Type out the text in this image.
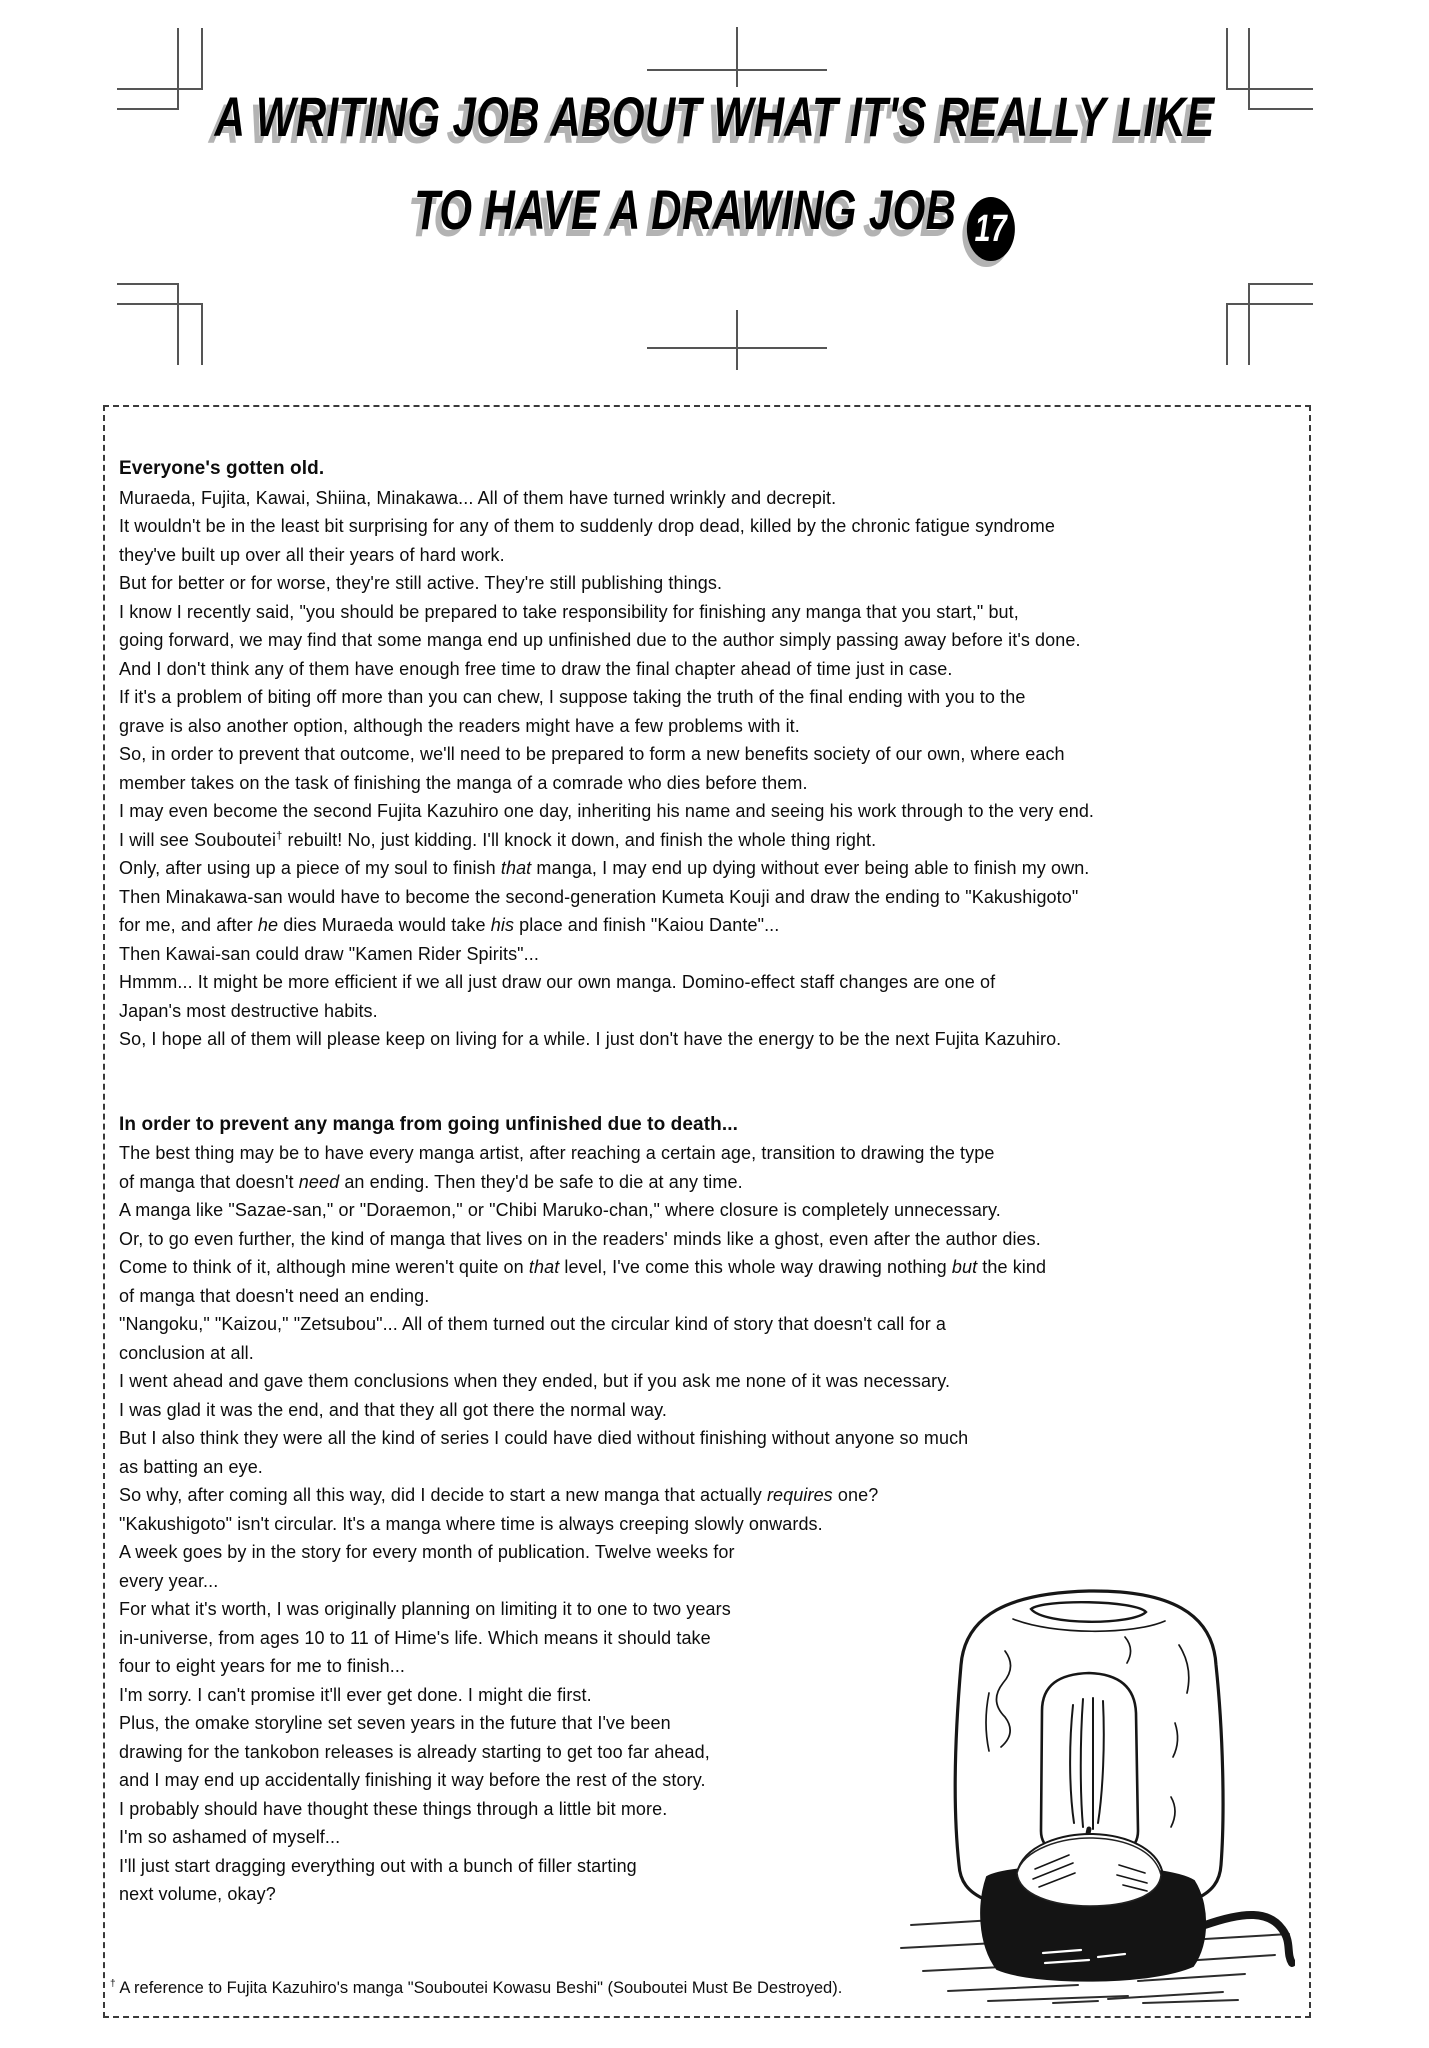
A WRITING JOB ABOUT WHAT IT'S REALLY LIKE
TO HAVE A DRAWING JOB 17
Everyone's gotten old.
Muraeda, Fujita, Kawai, Shiina, Minakawa... All of them have turned wrinkly and decrepit.
It wouldn't be in the least bit surprising for any of them to suddenly drop dead, killed by the chronic fatigue syndrome
they've built up over all their years of hard work.
But for better or for worse, they're still active. They're still publishing things.
I know I recently said, "you should be prepared to take responsibility for finishing any manga that you start," but,
going forward, we may find that some manga end up unfinished due to the author simply passing away before it's done.
And I don't think any of them have enough free time to draw the final chapter ahead of time just in case.
If it's a problem of biting off more than you can chew, I suppose taking the truth of the final ending with you to the
grave is also another option, although the readers might have a few problems with it.
So, in order to prevent that outcome, we'll need to be prepared to form a new benefits society of our own, where each
member takes on the task of finishing the manga of a comrade who dies before them.
I may even become the second Fujita Kazuhiro one day, inheriting his name and seeing his work through to the very end.
I will see Souboutei† rebuilt! No, just kidding. I'll knock it down, and finish the whole thing right.
Only, after using up a piece of my soul to finish that manga, I may end up dying without ever being able to finish my own.
Then Minakawa-san would have to become the second-generation Kumeta Kouji and draw the ending to "Kakushigoto"
for me, and after he dies Muraeda would take his place and finish "Kaiou Dante"...
Then Kawai-san could draw "Kamen Rider Spirits"...
Hmmm... It might be more efficient if we all just draw our own manga. Domino-effect staff changes are one of
Japan's most destructive habits.
So, I hope all of them will please keep on living for a while. I just don't have the energy to be the next Fujita Kazuhiro.
In order to prevent any manga from going unfinished due to death...
The best thing may be to have every manga artist, after reaching a certain age, transition to drawing the type
of manga that doesn't need an ending. Then they'd be safe to die at any time.
A manga like "Sazae-san," or "Doraemon," or "Chibi Maruko-chan," where closure is completely unnecessary.
Or, to go even further, the kind of manga that lives on in the readers' minds like a ghost, even after the author dies.
Come to think of it, although mine weren't quite on that level, I've come this whole way drawing nothing but the kind
of manga that doesn't need an ending.
"Nangoku," "Kaizou," "Zetsubou"... All of them turned out the circular kind of story that doesn't call for a
conclusion at all.
I went ahead and gave them conclusions when they ended, but if you ask me none of it was necessary.
I was glad it was the end, and that they all got there the normal way.
But I also think they were all the kind of series I could have died without finishing without anyone so much
as batting an eye.
So why, after coming all this way, did I decide to start a new manga that actually requires one?
"Kakushigoto" isn't circular. It's a manga where time is always creeping slowly onwards.
A week goes by in the story for every month of publication. Twelve weeks for
every year...
For what it's worth, I was originally planning on limiting it to one to two years
in-universe, from ages 10 to 11 of Hime's life. Which means it should take
four to eight years for me to finish...
I'm sorry. I can't promise it'll ever get done. I might die first.
Plus, the omake storyline set seven years in the future that I've been
drawing for the tankobon releases is already starting to get too far ahead,
and I may end up accidentally finishing it way before the rest of the story.
I probably should have thought these things through a little bit more.
I'm so ashamed of myself...
I'll just start dragging everything out with a bunch of filler starting
next volume, okay?
† A reference to Fujita Kazuhiro's manga "Souboutei Kowasu Beshi" (Souboutei Must Be Destroyed).
